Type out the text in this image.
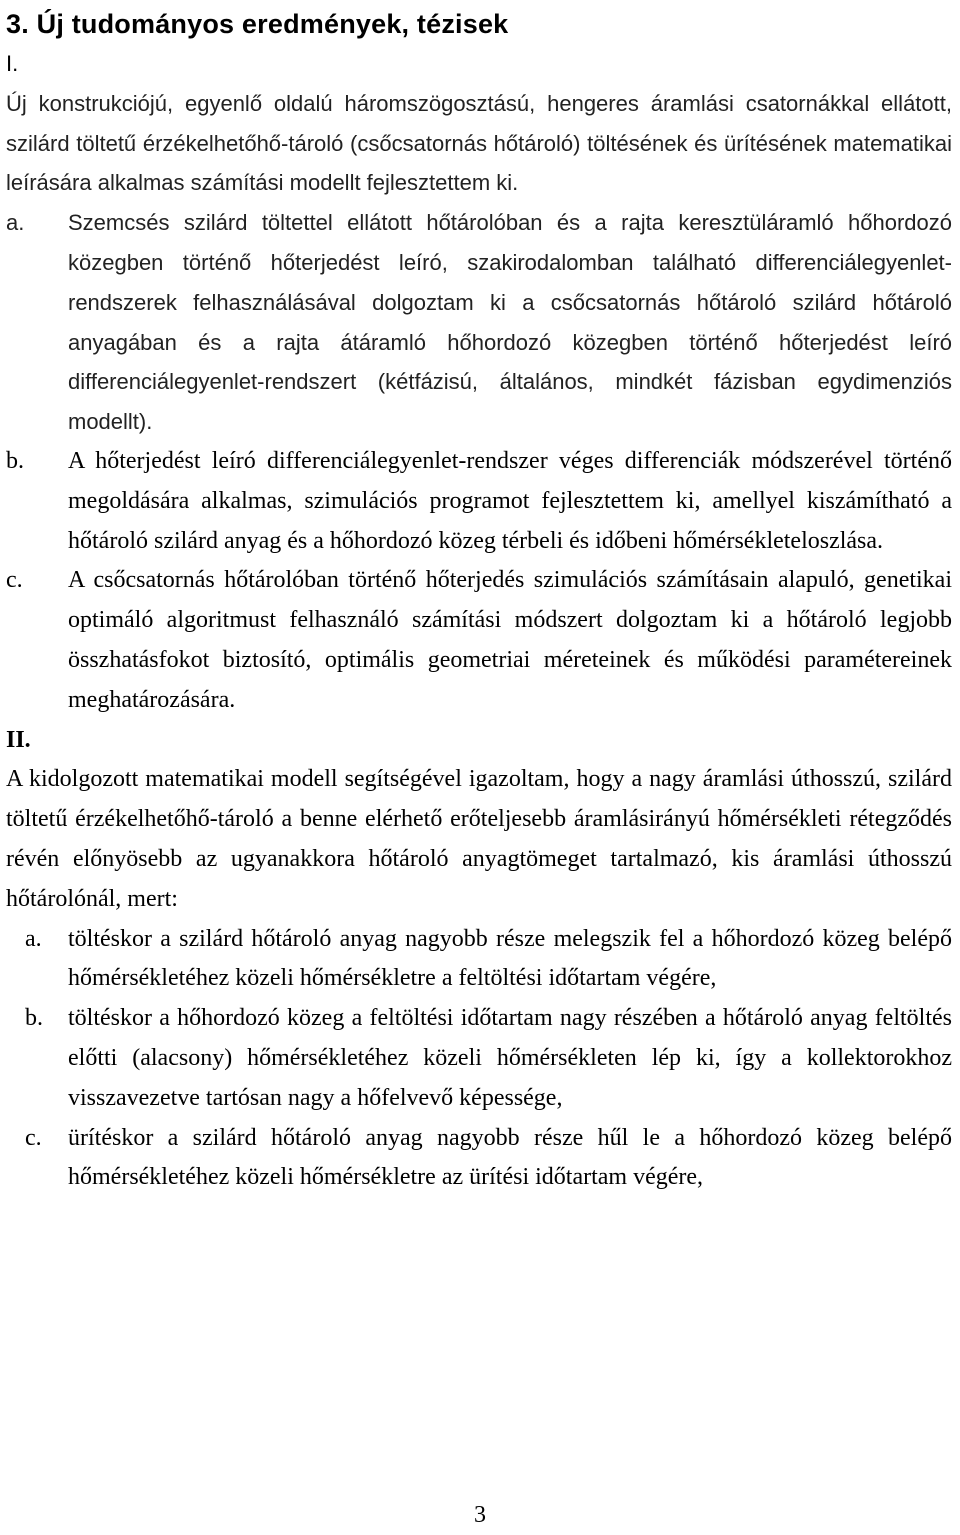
3. Új tudományos eredmények, tézisek

I.

Új konstrukciójú, egyenlő oldalú háromszögosztású, hengeres áramlási csatornákkal ellátott, szilárd töltetű érzékelhetőhő-tároló (csőcsatornás hőtároló) töltésének és ürítésének matematikai leírására alkalmas számítási modellt fejlesztettem ki.

a.	Szemcsés szilárd töltettel ellátott hőtárolóban és a rajta keresztüláramló hőhordozó közegben történő hőterjedést leíró, szakirodalomban található differenciálegyenlet-rendszerek felhasználásával dolgoztam ki a csőcsatornás hőtároló szilárd hőtároló anyagában és a rajta átáramló hőhordozó közegben történő hőterjedést leíró differenciálegyenlet-rendszert (kétfázisú, általános, mindkét fázisban egydimenziós modellt).
b.	A hőterjedést leíró differenciálegyenlet-rendszer véges differenciák módszerével történő megoldására alkalmas, szimulációs programot fejlesztettem ki, amellyel kiszámítható a hőtároló szilárd anyag és a hőhordozó közeg térbeli és időbeni hőmérsékleteloszlása.
c.	A csőcsatornás hőtárolóban történő hőterjedés szimulációs számításain alapuló, genetikai optimáló algoritmust felhasználó számítási módszert dolgoztam ki a hőtároló legjobb összhatásfokot biztosító, optimális geometriai méreteinek és működési paramétereinek meghatározására.

II.

A kidolgozott matematikai modell segítségével igazoltam, hogy a nagy áramlási úthosszú, szilárd töltetű érzékelhetőhő-tároló a benne elérhető erőteljesebb áramlásirányú hőmérsékleti rétegződés révén előnyösebb az ugyanakkora hőtároló anyagtömeget tartalmazó, kis áramlási úthosszú hőtárolónál, mert:

a.	töltéskor a szilárd hőtároló anyag nagyobb része melegszik fel a hőhordozó közeg belépő hőmérsékletéhez közeli hőmérsékletre a feltöltési időtartam végére,
b.	töltéskor a hőhordozó közeg a feltöltési időtartam nagy részében a hőtároló anyag feltöltés előtti (alacsony) hőmérsékletéhez közeli hőmérsékleten lép ki, így a kollektorokhoz visszavezetve tartósan nagy a hőfelvevő képessége,
c.	ürítéskor a szilárd hőtároló anyag nagyobb része hűl le a hőhordozó közeg belépő hőmérsékletéhez közeli hőmérsékletre az ürítési időtartam végére,
3
